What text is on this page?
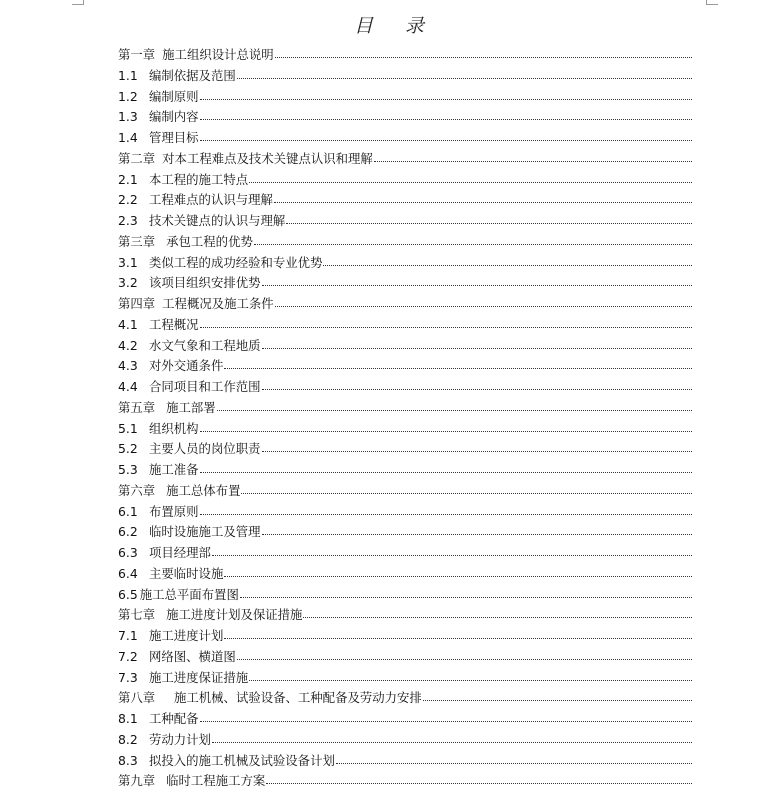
目 录
第一章 施工组织设计总说明
1.1 编制依据及范围
1.2 编制原则
1.3 编制内容
1.4 管理目标
第二章 对本工程难点及技术关键点认识和理解
2.1 本工程的施工特点
2.2 工程难点的认识与理解
2.3 技术关键点的认识与理解
第三章 承包工程的优势
3.1 类似工程的成功经验和专业优势
3.2 该项目组织安排优势
第四章 工程概况及施工条件
4.1 工程概况
4.2 水文气象和工程地质
4.3 对外交通条件
4.4 合同项目和工作范围
第五章 施工部署
5.1 组织机构
5.2 主要人员的岗位职责
5.3 施工准备
第六章 施工总体布置
6.1 布置原则
6.2 临时设施施工及管理
6.3 项目经理部
6.4 主要临时设施
6.5 施工总平面布置图
第七章 施工进度计划及保证措施
7.1 施工进度计划
7.2 网络图、横道图
7.3 施工进度保证措施
第八章 施工机械、试验设备、工种配备及劳动力安排
8.1 工种配备
8.2 劳动力计划
8.3 拟投入的施工机械及试验设备计划
第九章 临时工程施工方案
